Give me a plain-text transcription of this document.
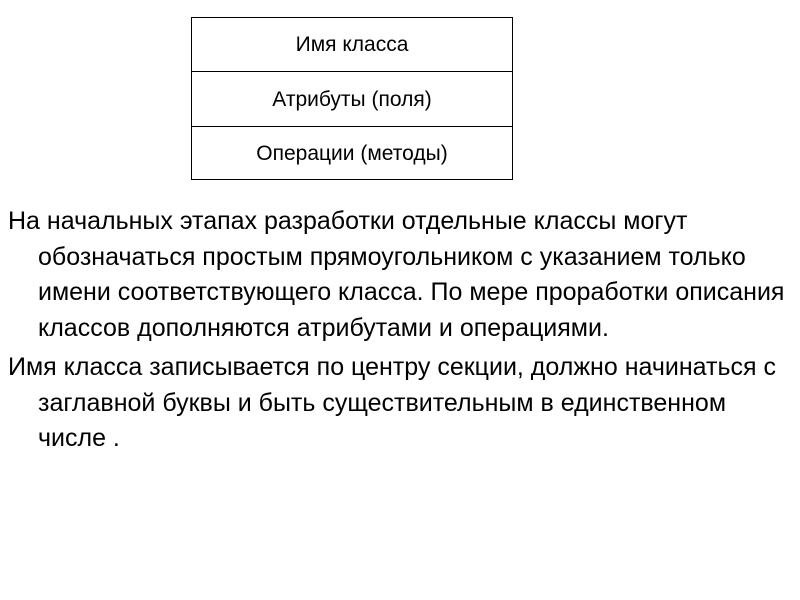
Имя класса
Атрибуты (поля)
Операции (методы)

На начальных этапах разработки отдельные классы могут обозначаться простым прямоугольником с указанием только имени соответствующего класса. По мере проработки описания классов дополняются атрибутами и операциями.

Имя класса записывается по центру секции, должно начинаться с заглавной буквы и быть существительным в единственном числе .
